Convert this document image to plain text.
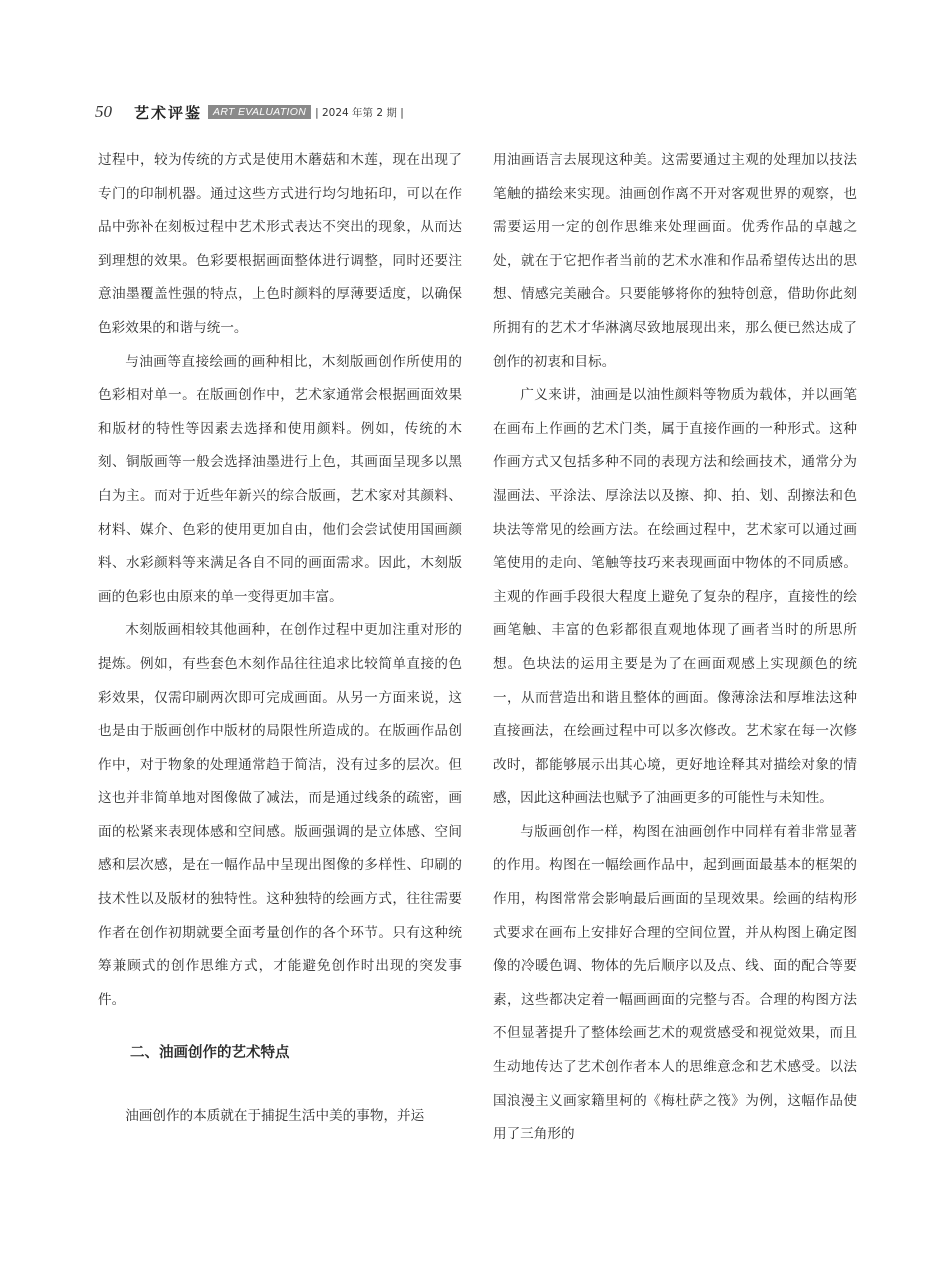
50 艺术评鉴	ART EVALUATION | 2024 年第 2 期 |

过程中，较为传统的方式是使用木蘑菇和木莲，现在出现了专门的印制机器。通过这些方式进行均匀地拓印，可以在作品中弥补在刻板过程中艺术形式表达不突出的现象，从而达到理想的效果。色彩要根据画面整体进行调整，同时还要注意油墨覆盖性强的特点，上色时颜料的厚薄要适度，以确保色彩效果的和谐与统一。

与油画等直接绘画的画种相比，木刻版画创作所使用的色彩相对单一。在版画创作中，艺术家通常会根据画面效果和版材的特性等因素去选择和使用颜料。例如，传统的木刻、铜版画等一般会选择油墨进行上色，其画面呈现多以黑白为主。而对于近些年新兴的综合版画，艺术家对其颜料、材料、媒介、色彩的使用更加自由，他们会尝试使用国画颜料、水彩颜料等来满足各自不同的画面需求。因此，木刻版画的色彩也由原来的单一变得更加丰富。

木刻版画相较其他画种，在创作过程中更加注重对形的提炼。例如，有些套色木刻作品往往追求比较简单直接的色彩效果，仅需印刷两次即可完成画面。从另一方面来说，这也是由于版画创作中版材的局限性所造成的。在版画作品创作中，对于物象的处理通常趋于简洁，没有过多的层次。但这也并非简单地对图像做了减法，而是通过线条的疏密，画面的松紧来表现体感和空间感。版画强调的是立体感、空间感和层次感，是在一幅作品中呈现出图像的多样性、印刷的技术性以及版材的独特性。这种独特的绘画方式，往往需要作者在创作初期就要全面考量创作的各个环节。只有这种统筹兼顾式的创作思维方式，才能避免创作时出现的突发事件。

二、油画创作的艺术特点

油画创作的本质就在于捕捉生活中美的事物，并运

用油画语言去展现这种美。这需要通过主观的处理加以技法笔触的描绘来实现。油画创作离不开对客观世界的观察，也需要运用一定的创作思维来处理画面。优秀作品的卓越之处，就在于它把作者当前的艺术水准和作品希望传达出的思想、情感完美融合。只要能够将你的独特创意，借助你此刻所拥有的艺术才华淋漓尽致地展现出来，那么便已然达成了创作的初衷和目标。

广义来讲，油画是以油性颜料等物质为载体，并以画笔在画布上作画的艺术门类，属于直接作画的一种形式。这种作画方式又包括多种不同的表现方法和绘画技术，通常分为湿画法、平涂法、厚涂法以及擦、抑、拍、划、刮擦法和色块法等常见的绘画方法。在绘画过程中，艺术家可以通过画笔使用的走向、笔触等技巧来表现画面中物体的不同质感。主观的作画手段很大程度上避免了复杂的程序，直接性的绘画笔触、丰富的色彩都很直观地体现了画者当时的所思所想。色块法的运用主要是为了在画面观感上实现颜色的统一，从而营造出和谐且整体的画面。像薄涂法和厚堆法这种直接画法，在绘画过程中可以多次修改。艺术家在每一次修改时，都能够展示出其心境，更好地诠释其对描绘对象的情感，因此这种画法也赋予了油画更多的可能性与未知性。

与版画创作一样，构图在油画创作中同样有着非常显著的作用。构图在一幅绘画作品中，起到画面最基本的框架的作用，构图常常会影响最后画面的呈现效果。绘画的结构形式要求在画布上安排好合理的空间位置，并从构图上确定图像的冷暖色调、物体的先后顺序以及点、线、面的配合等要素，这些都决定着一幅画画面的完整与否。合理的构图方法不但显著提升了整体绘画艺术的观赏感受和视觉效果，而且生动地传达了艺术创作者本人的思维意念和艺术感受。以法国浪漫主义画家籍里柯的《梅杜萨之筏》为例，这幅作品使用了三角形的
